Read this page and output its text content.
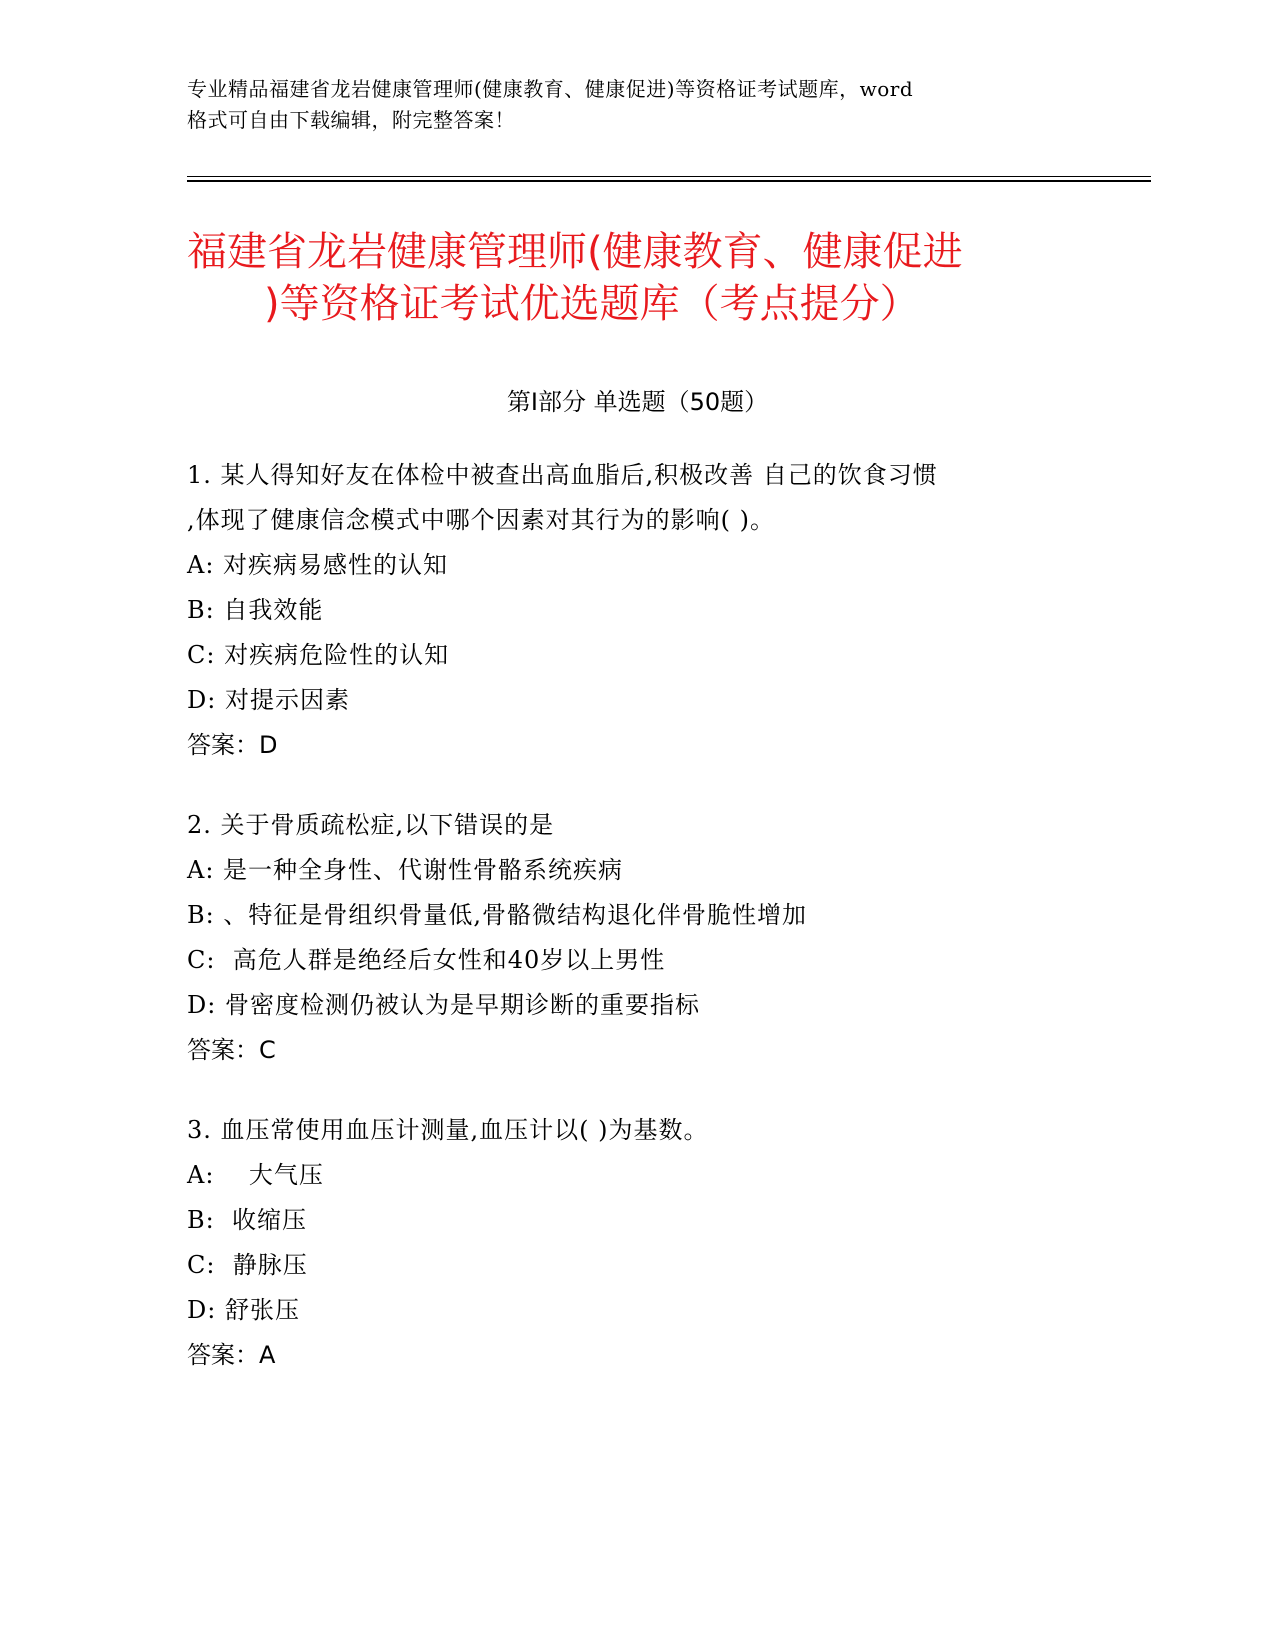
专业精品福建省龙岩健康管理师(健康教育、健康促进)等资格证考试题库，word
格式可自由下载编辑，附完整答案！
福建省龙岩健康管理师(健康教育、健康促进
)等资格证考试优选题库（考点提分）
第Ⅰ部分 单选题（50题）
1. 某人得知好友在体检中被查出高血脂后,积极改善 自己的饮食习惯
,体现了健康信念模式中哪个因素对其行为的影响( )。
A: 对疾病易感性的认知
B: 自我效能
C: 对疾病危险性的认知
D: 对提示因素
答案：D
2. 关于骨质疏松症,以下错误的是
A: 是一种全身性、代谢性骨骼系统疾病
B: 、特征是骨组织骨量低,骨骼微结构退化伴骨脆性增加
C:  高危人群是绝经后女性和40岁以上男性
D: 骨密度检测仍被认为是早期诊断的重要指标
答案：C
3. 血压常使用血压计测量,血压计以( )为基数。
A:    大气压
B:  收缩压
C:  静脉压
D: 舒张压
答案：A
